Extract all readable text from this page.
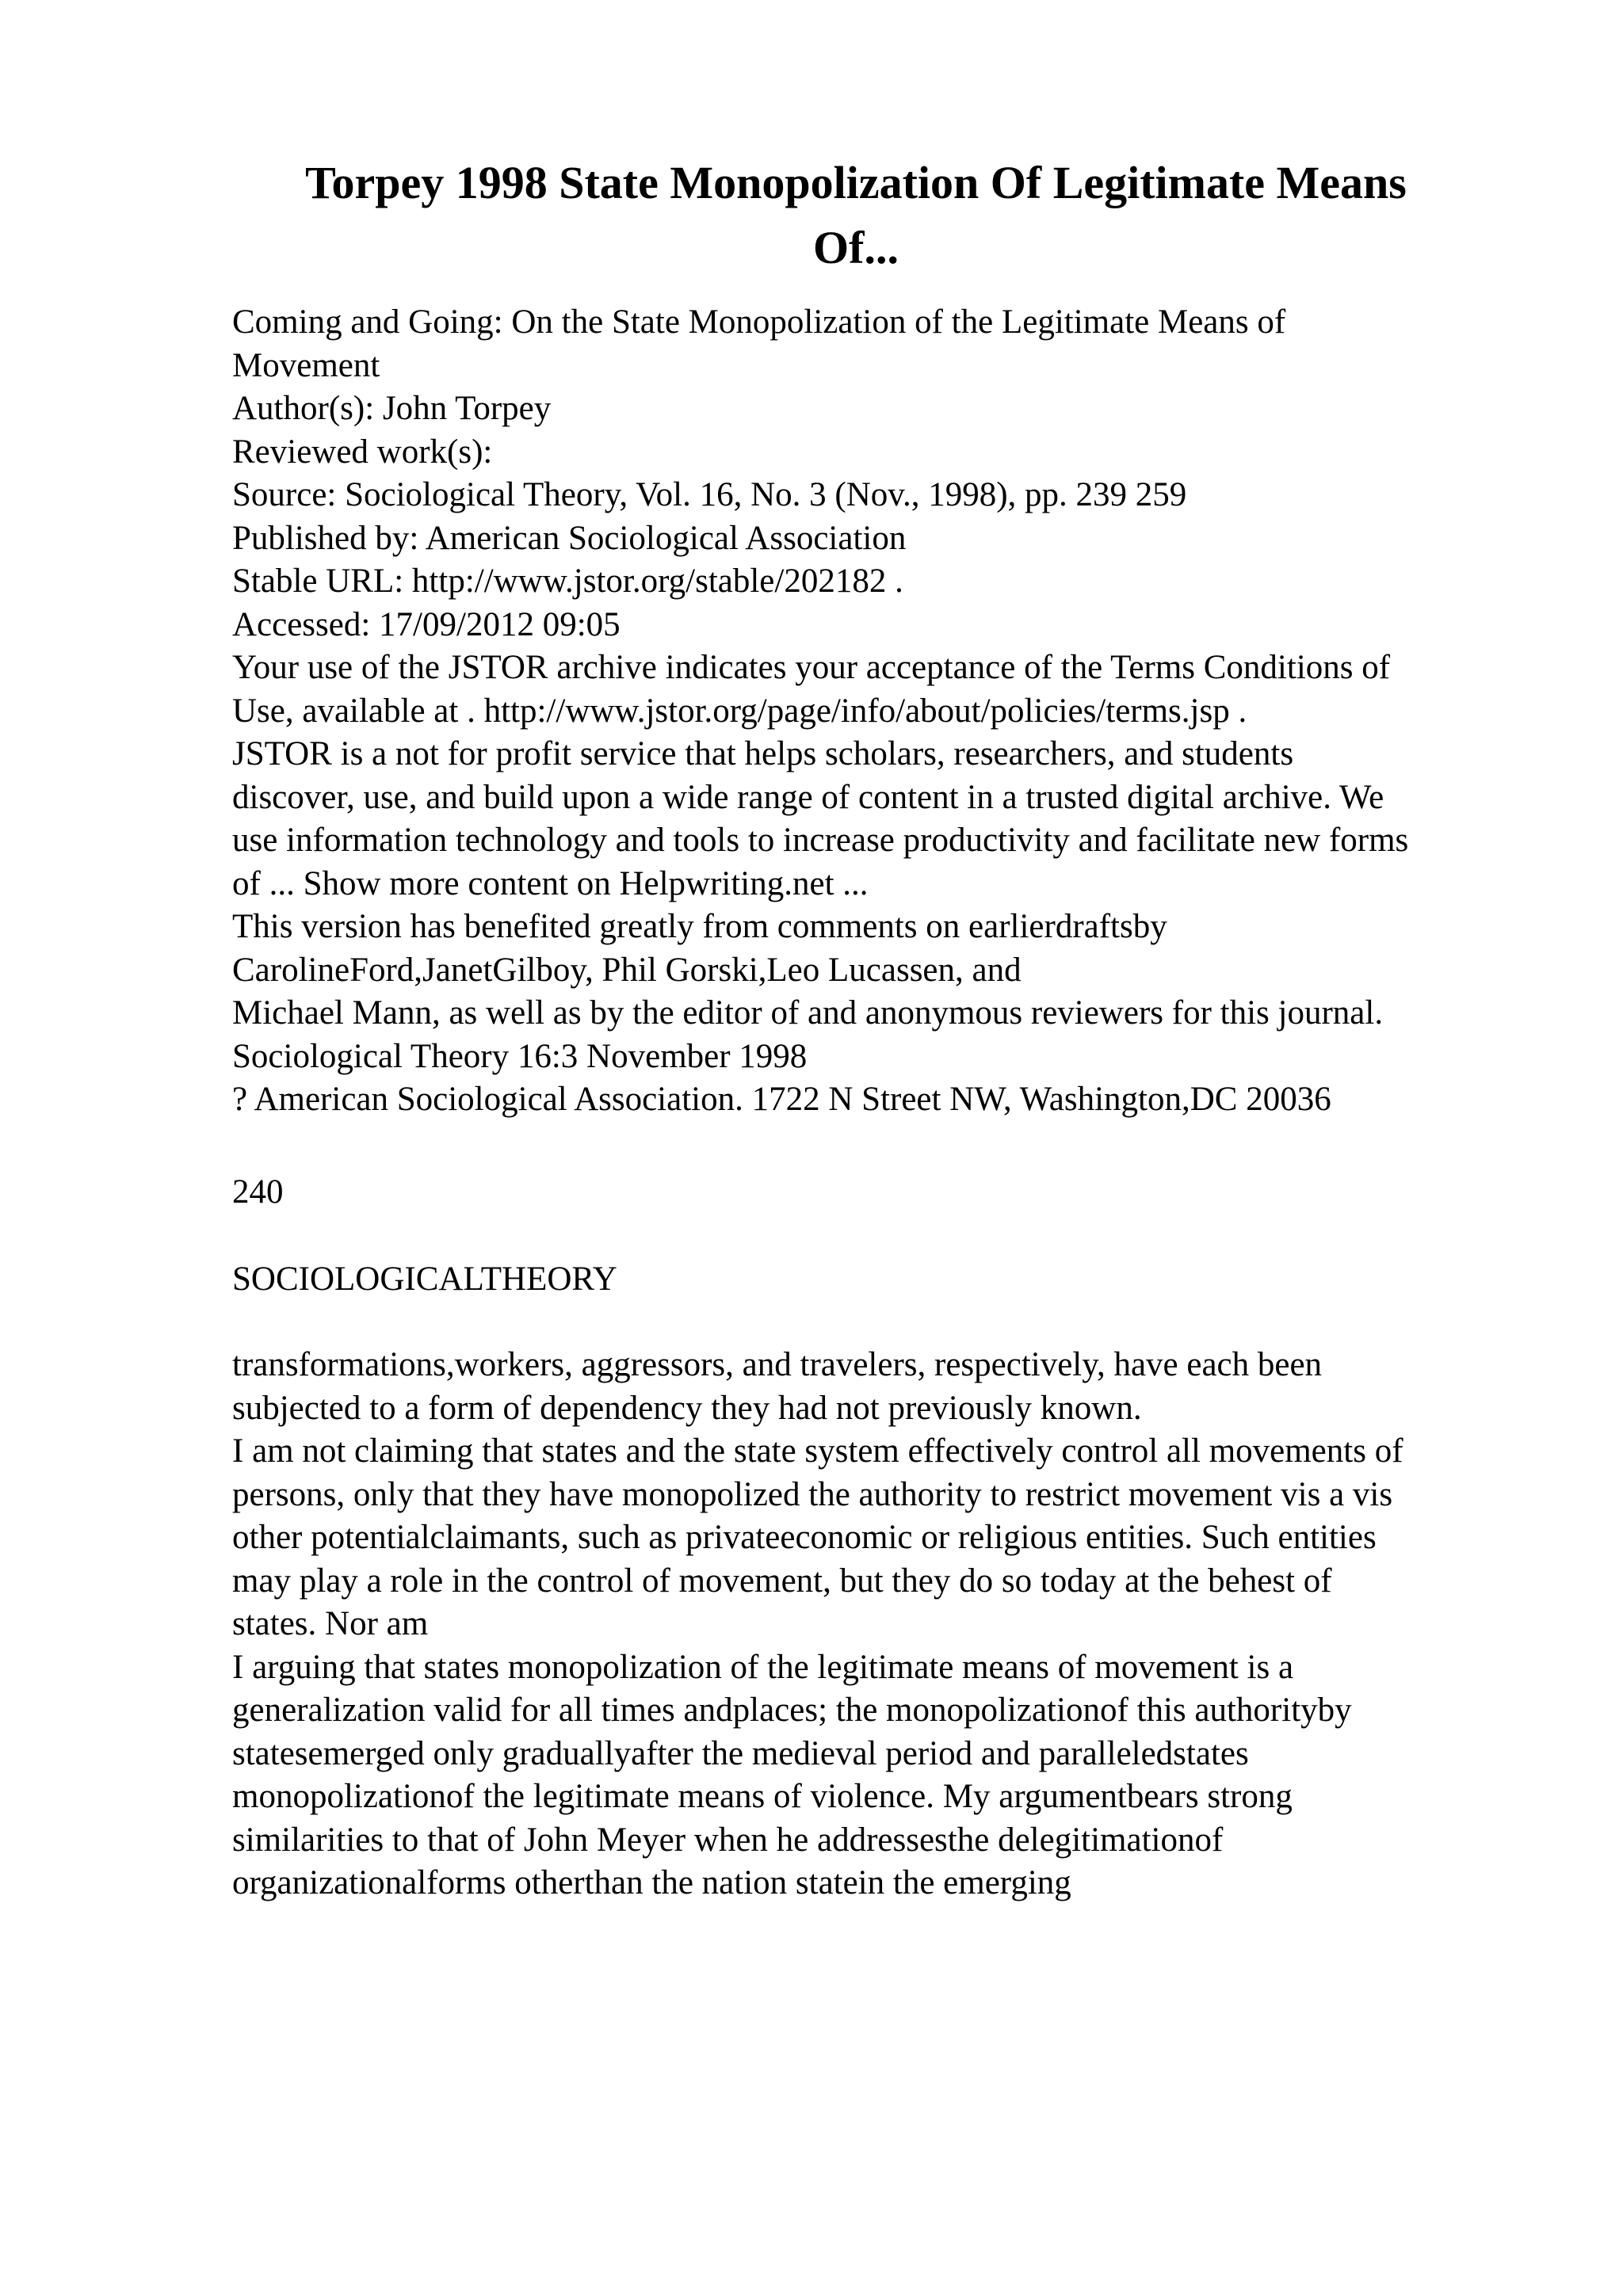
Torpey 1998 State Monopolization Of Legitimate Means
Of...
Coming and Going: On the State Monopolization of the Legitimate Means of
Movement
Author(s): John Torpey
Reviewed work(s):
Source: Sociological Theory, Vol. 16, No. 3 (Nov., 1998), pp. 239 259
Published by: American Sociological Association
Stable URL: http://www.jstor.org/stable/202182 .
Accessed: 17/09/2012 09:05
Your use of the JSTOR archive indicates your acceptance of the Terms Conditions of
Use, available at . http://www.jstor.org/page/info/about/policies/terms.jsp .
JSTOR is a not for profit service that helps scholars, researchers, and students
discover, use, and build upon a wide range of content in a trusted digital archive. We
use information technology and tools to increase productivity and facilitate new forms
of ... Show more content on Helpwriting.net ...
This version has benefited greatly from comments on earlierdraftsby
CarolineFord,JanetGilboy, Phil Gorski,Leo Lucassen, and
Michael Mann, as well as by the editor of and anonymous reviewers for this journal.
Sociological Theory 16:3 November 1998
? American Sociological Association. 1722 N Street NW, Washington,DC 20036
240
SOCIOLOGICALTHEORY
transformations,workers, aggressors, and travelers, respectively, have each been
subjected to a form of dependency they had not previously known.
I am not claiming that states and the state system effectively control all movements of
persons, only that they have monopolized the authority to restrict movement vis a vis
other potentialclaimants, such as privateeconomic or religious entities. Such entities
may play a role in the control of movement, but they do so today at the behest of
states. Nor am
I arguing that states monopolization of the legitimate means of movement is a
generalization valid for all times andplaces; the monopolizationof this authorityby
statesemerged only graduallyafter the medieval period and paralleledstates
monopolizationof the legitimate means of violence. My argumentbears strong
similarities to that of John Meyer when he addressesthe delegitimationof
organizationalforms otherthan the nation statein the emerging
